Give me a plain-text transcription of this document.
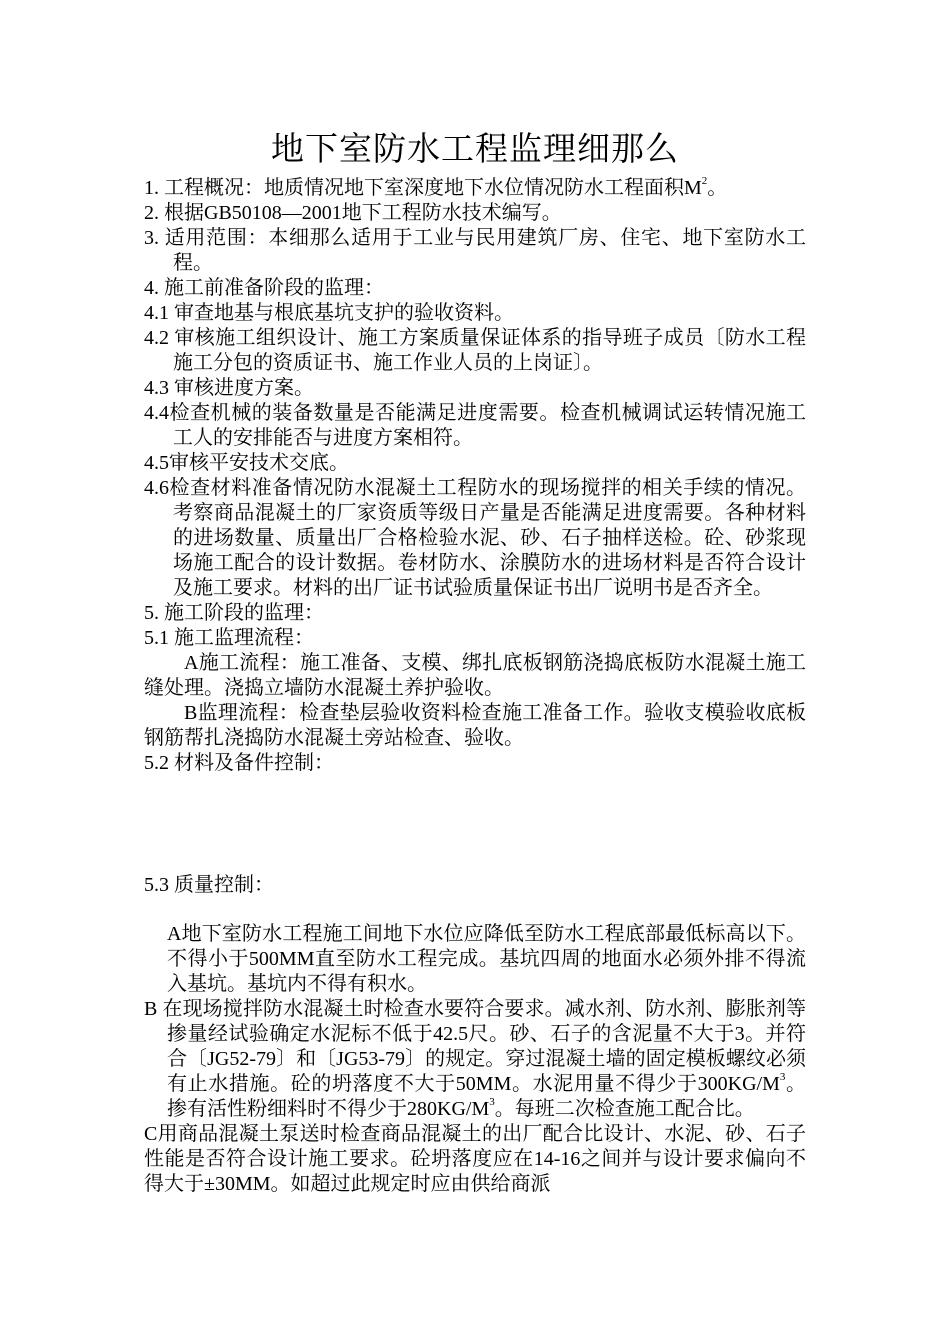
地下室防水工程监理细那么

1. 工程概况：地质情况地下室深度地下水位情况防水工程面积$M^2$。

2. 根据GB50108—2001地下工程防水技术编写。

3. 适用范围：本细那么适用于工业与民用建筑厂房、住宅、地下室防水工程。

4. 施工前准备阶段的监理：

4.1 审查地基与根底基坑支护的验收资料。

4.2 审核施工组织设计、施工方案质量保证体系的指导班子成员〔防水工程施工分包的资质证书、施工作业人员的上岗证〕。

4.3 审核进度方案。

4.4检查机械的装备数量是否能满足进度需要。检查机械调试运转情况施工工人的安排能否与进度方案相符。

4.5审核平安技术交底。

4.6检查材料准备情况防水混凝土工程防水的现场搅拌的相关手续的情况。考察商品混凝土的厂家资质等级日产量是否能满足进度需要。各种材料的进场数量、质量出厂合格检验水泥、砂、石子抽样送检。砼、砂浆现场施工配合的设计数据。卷材防水、涂膜防水的进场材料是否符合设计及施工要求。材料的出厂证书试验质量保证书出厂说明书是否齐全。

5. 施工阶段的监理：

5.1 施工监理流程：

A施工流程：施工准备、支模、绑扎底板钢筋浇捣底板防水混凝土施工缝处理。浇捣立墙防水混凝土养护验收。

B监理流程：检查垫层验收资料检查施工准备工作。验收支模验收底板钢筋帮扎浇捣防水混凝土旁站检查、验收。

5.2 材料及备件控制：

5.3 质量控制：

A地下室防水工程施工间地下水位应降低至防水工程底部最低标高以下。不得小于500MM直至防水工程完成。基坑四周的地面水必须外排不得流入基坑。基坑内不得有积水。

B 在现场搅拌防水混凝土时检查水要符合要求。减水剂、防水剂、膨胀剂等掺量经试验确定水泥标不低于42.5尺。砂、石子的含泥量不大于3。并符合〔JG52-79〕和〔JG53-79〕的规定。穿过混凝土墙的固定模板螺纹必须有止水措施。砼的坍落度不大于50MM。水泥用量不得少于$300KG/M^3$。掺有活性粉细料时不得少于$280KG/M^3$。每班二次检查施工配合比。

C用商品混凝土泵送时检查商品混凝土的出厂配合比设计、水泥、砂、石子性能是否符合设计施工要求。砼坍落度应在14-16之间并与设计要求偏向不得大于±30MM。如超过此规定时应由供给商派
